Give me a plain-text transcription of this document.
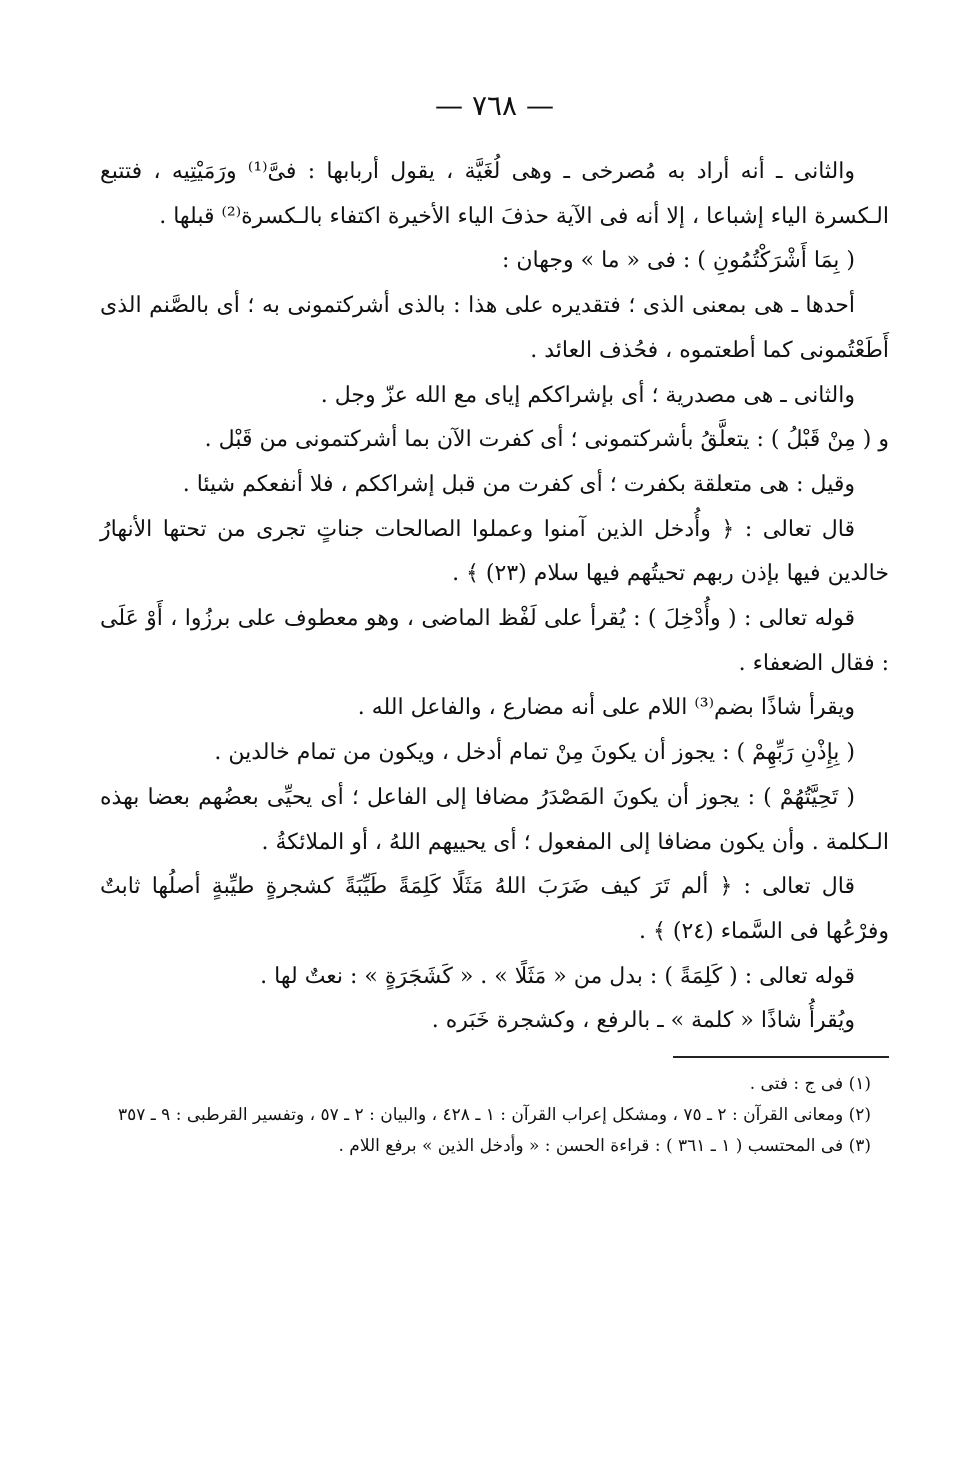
— ٧٦٨ —

والثانى ـ أنه أراد به مُصرخى ـ وهى لُغَيَّة ، يقول أربابها : فىَّ⁽¹⁾ ورَمَيْتِيه ، فتتبع الـكسرة الياء إشباعا ، إلا أنه فى الآية حذفَ الياء الأخيرة اكتفاء بالـكسرة⁽²⁾ قبلها .

( بِمَا أَشْرَكْتُمُونِ ) : فى « ما » وجهان :

أحدها ـ هى بمعنى الذى ؛ فتقديره على هذا : بالذى أشركتمونى به ؛ أى بالصَّنم الذى أَطَعْتُمونى كما أطعتموه ، فحُذف العائد .

والثانى ـ هى مصدرية ؛ أى بإشراككم إياى مع الله عزّ وجل .

و ( مِنْ قَبْلُ ) : يتعلَّقُ بأشركتمونى ؛ أى كفرت الآن بما أشركتمونى من قَبْل .

وقيل : هى متعلقة بكفرت ؛ أى كفرت من قبل إشراككم ، فلا أنفعكم شيئا .

قال تعالى : ﴿ وأُدخل الذين آمنوا وعملوا الصالحات جناتٍ تجرى من تحتها الأنهارُ خالدين فيها بإذن ربهم تحيتُهم فيها سلام (٢٣) ﴾ .

قوله تعالى : ( وأُدْخِلَ ) : يُقرأ على لَفْظ الماضى ، وهو معطوف على برزُوا ، أَوْ عَلَى : فقال الضعفاء .

ويقرأ شاذًا بضم⁽³⁾ اللام على أنه مضارع ، والفاعل الله .

( بِإِذْنِ رَبِّهِمْ ) : يجوز أن يكونَ مِنْ تمام أدخل ، ويكون من تمام خالدين .

( تَحِيَّتُهُمْ ) : يجوز أن يكونَ المَصْدَرُ مضافا إلى الفاعل ؛ أى يحيِّى بعضُهم بعضا بهذه الـكلمة . وأن يكون مضافا إلى المفعول ؛ أى يحييهم اللهُ ، أو الملائكةُ .

قال تعالى : ﴿ ألم تَرَ كيف ضَرَبَ اللهُ مَثَلًا كَلِمَةً طَيِّبَةً كشجرةٍ طيِّبةٍ أصلُها ثابتٌ وفرْعُها فى السَّماء (٢٤) ﴾ .

قوله تعالى : ( كَلِمَةً ) : بدل من « مَثَلًا » . « كَشَجَرَةٍ » : نعتٌ لها .

ويُقرأُ شاذًا « كلمة » ـ بالرفع ، وكشجرة خَبَره .

(١) فى ج : فتى .

(٢) ومعانى القرآن : ٢ ـ ٧٥ ، ومشكل إعراب القرآن : ١ ـ ٤٢٨ ، والبيان : ٢ ـ ٥٧ ، وتفسير القرطبى : ٩ ـ ٣٥٧

(٣) فى المحتسب ( ١ ـ ٣٦١ ) : قراءة الحسن : « وأدخل الذين » برفع اللام .
